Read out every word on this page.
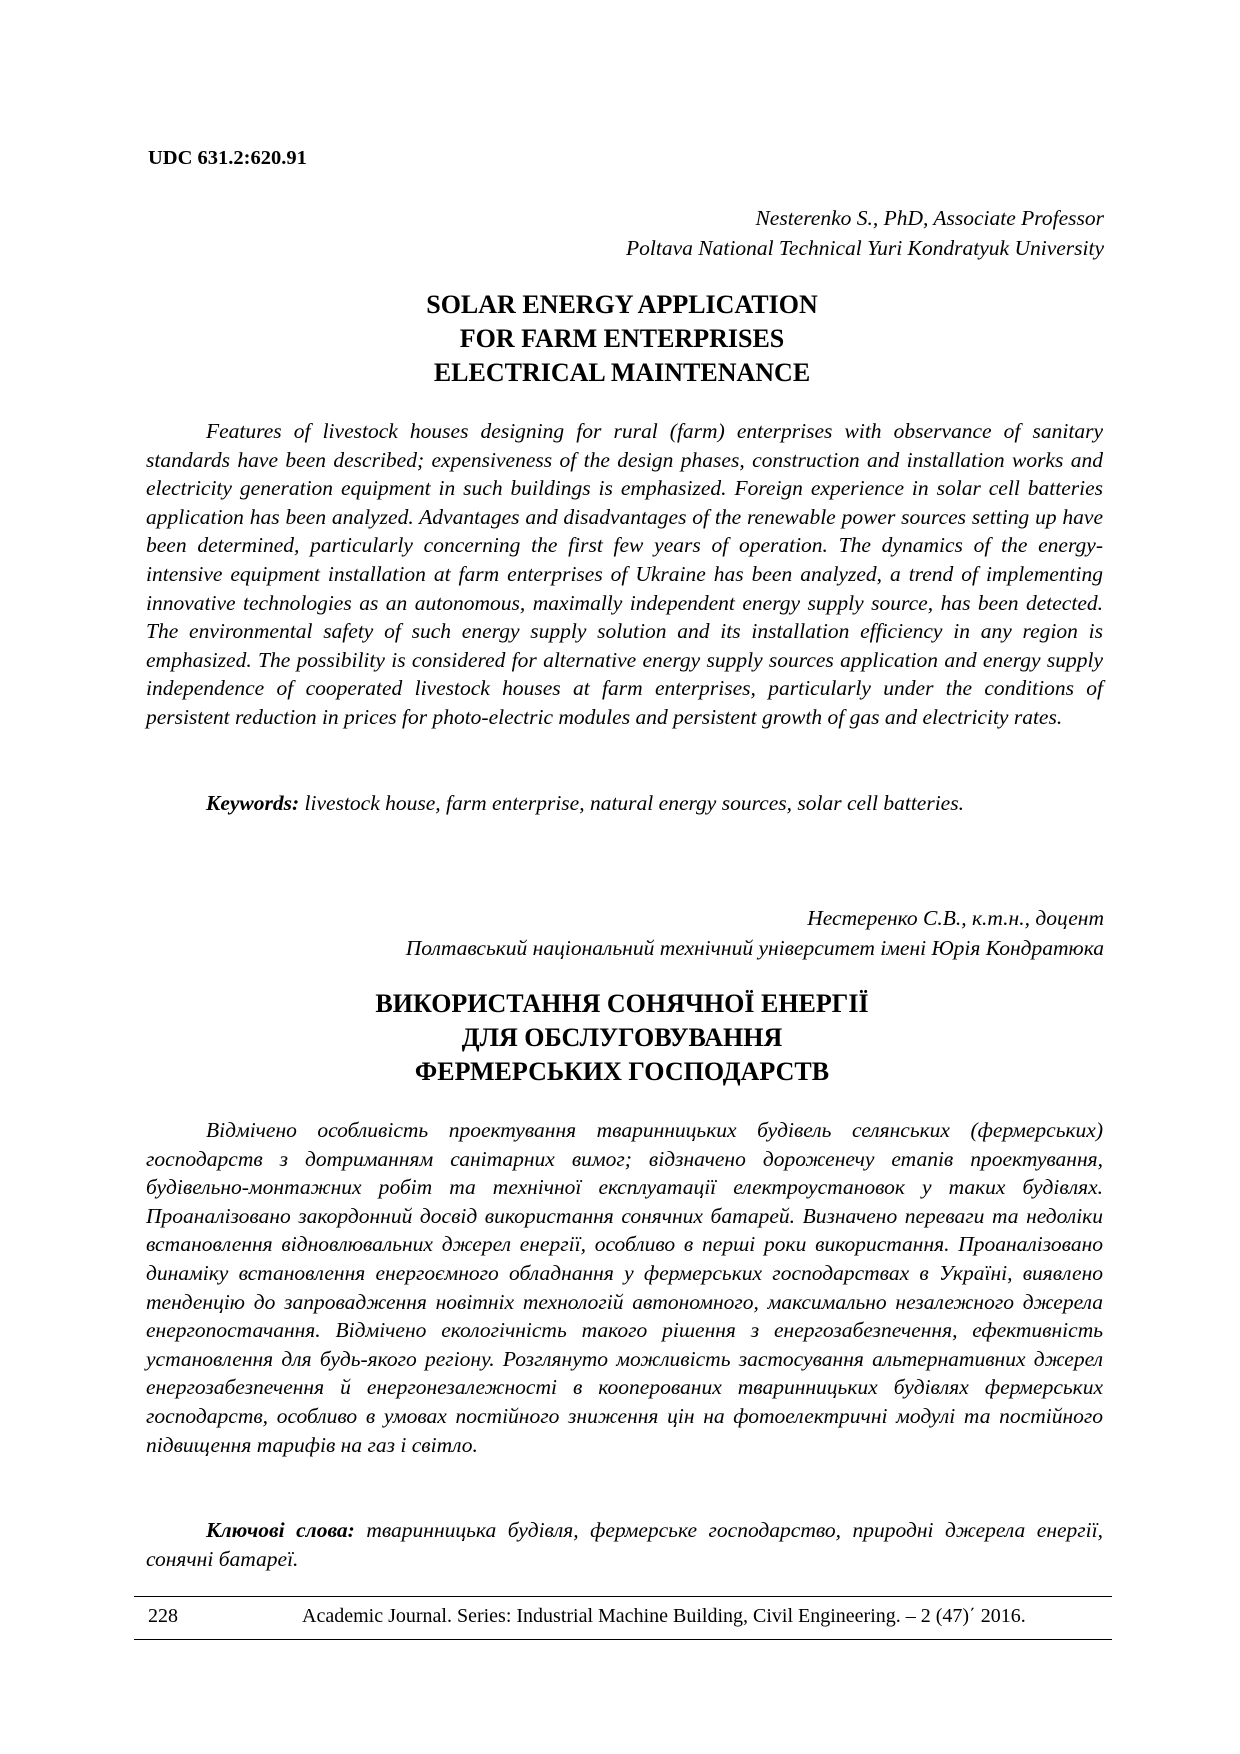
UDC 631.2:620.91
Nesterenko S., PhD, Associate Professor
Poltava National Technical Yuri Kondratyuk University
SOLAR ENERGY APPLICATION
FOR FARM ENTERPRISES
ELECTRICAL MAINTENANCE
Features of livestock houses designing for rural (farm) enterprises with observance of sanitary standards have been described; expensiveness of the design phases, construction and installation works and electricity generation equipment in such buildings is emphasized. Foreign experience in solar cell batteries application has been analyzed. Advantages and disadvantages of the renewable power sources setting up have been determined, particularly concerning the first few years of operation. The dynamics of the energy-intensive equipment installation at farm enterprises of Ukraine has been analyzed, a trend of implementing innovative technologies as an autonomous, maximally independent energy supply source, has been detected. The environmental safety of such energy supply solution and its installation efficiency in any region is emphasized. The possibility is considered for alternative energy supply sources application and energy supply independence of cooperated livestock houses at farm enterprises, particularly under the conditions of persistent reduction in prices for photo-electric modules and persistent growth of gas and electricity rates.
Keywords: livestock house, farm enterprise, natural energy sources, solar cell batteries.
Нестеренко С.В., к.т.н., доцент
Полтавський національний технічний університет імені Юрія Кондратюка
ВИКОРИСТАННЯ СОНЯЧНОЇ ЕНЕРГІЇ
ДЛЯ ОБСЛУГОВУВАННЯ
ФЕРМЕРСЬКИХ ГОСПОДАРСТВ
Відмічено особливість проектування тваринницьких будівель селянських (фермерських) господарств з дотриманням санітарних вимог; відзначено дороженечу етапів проектування, будівельно-монтажних робіт та технічної експлуатації електроустановок у таких будівлях. Проаналізовано закордонний досвід використання сонячних батарей. Визначено переваги та недоліки встановлення відновлювальних джерел енергії, особливо в перші роки використання. Проаналізовано динаміку встановлення енергоємного обладнання у фермерських господарствах в Україні, виявлено тенденцію до запровадження новітніх технологій автономного, максимально незалежного джерела енергопостачання. Відмічено екологічність такого рішення з енергозабезпечення, ефективність установлення для будь-якого регіону. Розглянуто можливість застосування альтернативних джерел енергозабезпечення й енергонезалежності в кооперованих тваринницьких будівлях фермерських господарств, особливо в умовах постійного зниження цін на фотоелектричні модулі та постійного підвищення тарифів на газ і світло.
Ключові слова: тваринницька будівля, фермерське господарство, природні джерела енергії, сонячні батареї.
228	Academic Journal. Series: Industrial Machine Building, Civil Engineering. – 2 (47)΄ 2016.
